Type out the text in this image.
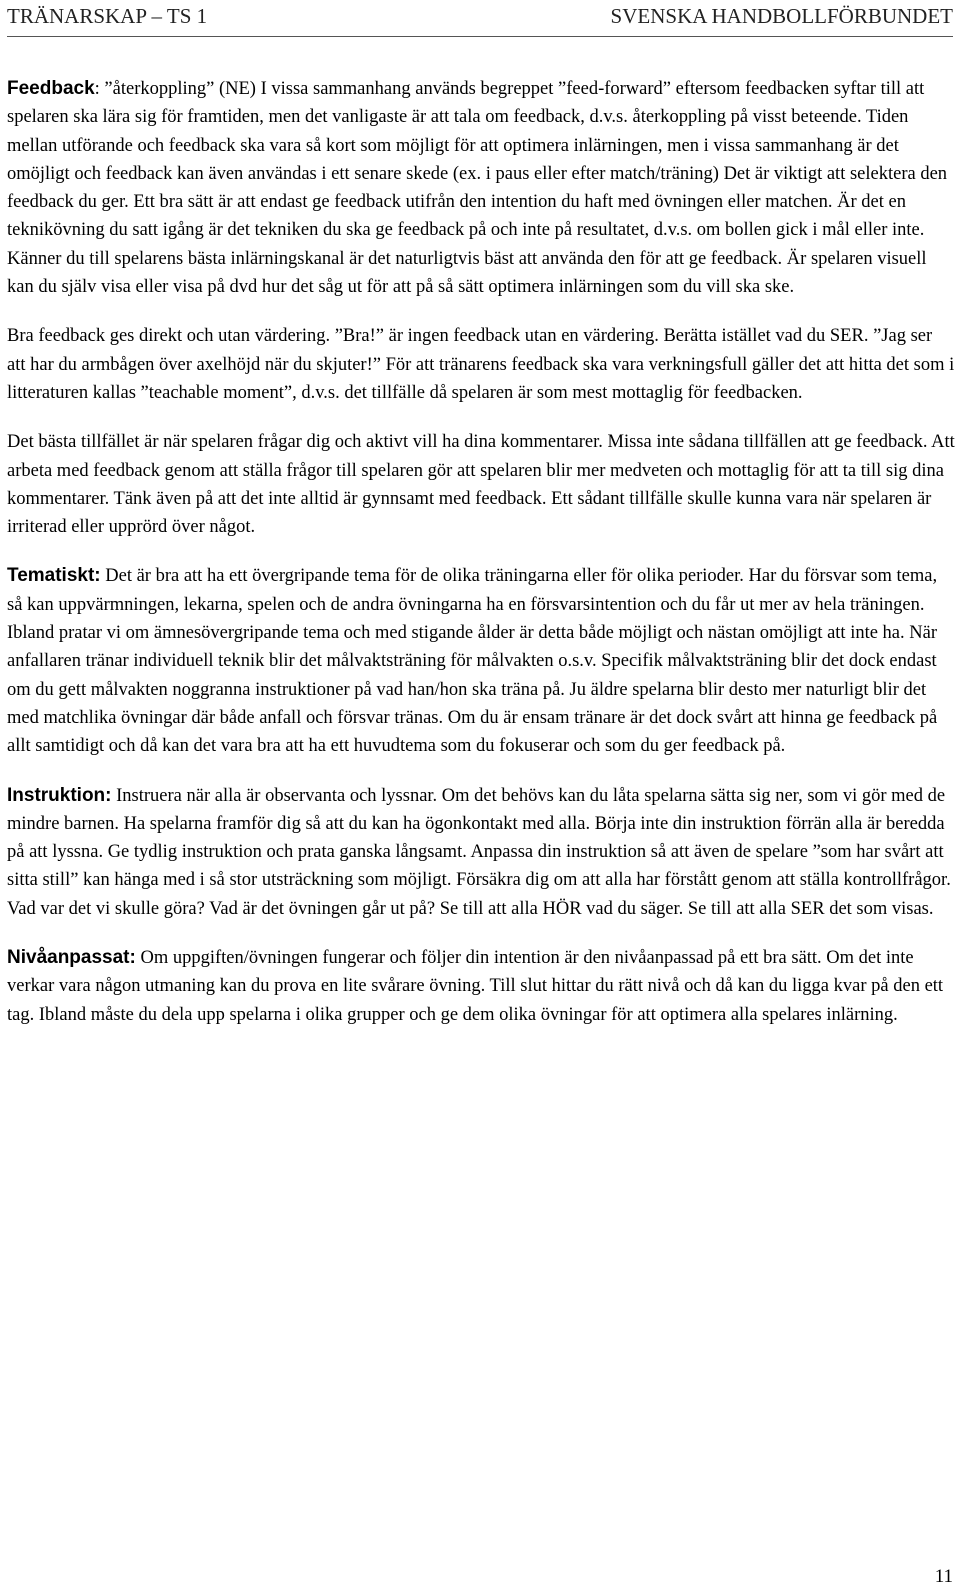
TRÄNARSKAP – TS 1	SVENSKA HANDBOLLFÖRBUNDET

Feedback: ”återkoppling” (NE) I vissa sammanhang används begreppet ”feed-forward” eftersom feedbacken syftar till att spelaren ska lära sig för framtiden, men det vanligaste är att tala om feedback, d.v.s. återkoppling på visst beteende. Tiden mellan utförande och feedback ska vara så kort som möjligt för att optimera inlärningen, men i vissa sammanhang är det omöjligt och feedback kan även användas i ett senare skede (ex. i paus eller efter match/träning) Det är viktigt att selektera den feedback du ger. Ett bra sätt är att endast ge feedback utifrån den intention du haft med övningen eller matchen. Är det en teknikövning du satt igång är det tekniken du ska ge feedback på och inte på resultatet, d.v.s. om bollen gick i mål eller inte. Känner du till spelarens bästa inlärningskanal är det naturligtvis bäst att använda den för att ge feedback. Är spelaren visuell kan du själv visa eller visa på dvd hur det såg ut för att på så sätt optimera inlärningen som du vill ska ske.

Bra feedback ges direkt och utan värdering. ”Bra!” är ingen feedback utan en värdering. Berätta istället vad du SER. ”Jag ser att har du armbågen över axelhöjd när du skjuter!” För att tränarens feedback ska vara verkningsfull gäller det att hitta det som i litteraturen kallas ”teachable moment”, d.v.s. det tillfälle då spelaren är som mest mottaglig för feedbacken.

Det bästa tillfället är när spelaren frågar dig och aktivt vill ha dina kommentarer. Missa inte sådana tillfällen att ge feedback. Att arbeta med feedback genom att ställa frågor till spelaren gör att spelaren blir mer medveten och mottaglig för att ta till sig dina kommentarer. Tänk även på att det inte alltid är gynnsamt med feedback. Ett sådant tillfälle skulle kunna vara när spelaren är irriterad eller upprörd över något.

Tematiskt: Det är bra att ha ett övergripande tema för de olika träningarna eller för olika perioder. Har du försvar som tema, så kan uppvärmningen, lekarna, spelen och de andra övningarna ha en försvarsintention och du får ut mer av hela träningen. Ibland pratar vi om ämnesövergripande tema och med stigande ålder är detta både möjligt och nästan omöjligt att inte ha. När anfallaren tränar individuell teknik blir det målvaktsträning för målvakten o.s.v. Specifik målvaktsträning blir det dock endast om du gett målvakten noggranna instruktioner på vad han/hon ska träna på. Ju äldre spelarna blir desto mer naturligt blir det med matchlika övningar där både anfall och försvar tränas. Om du är ensam tränare är det dock svårt att hinna ge feedback på allt samtidigt och då kan det vara bra att ha ett huvudtema som du fokuserar och som du ger feedback på.

Instruktion: Instruera när alla är observanta och lyssnar. Om det behövs kan du låta spelarna sätta sig ner, som vi gör med de mindre barnen. Ha spelarna framför dig så att du kan ha ögonkontakt med alla. Börja inte din instruktion förrän alla är beredda på att lyssna. Ge tydlig instruktion och prata ganska långsamt. Anpassa din instruktion så att även de spelare ”som har svårt att sitta still” kan hänga med i så stor utsträckning som möjligt. Försäkra dig om att alla har förstått genom att ställa kontrollfrågor. Vad var det vi skulle göra? Vad är det övningen går ut på? Se till att alla HÖR vad du säger. Se till att alla SER det som visas.

Nivåanpassat: Om uppgiften/övningen fungerar och följer din intention är den nivåanpassad på ett bra sätt. Om det inte verkar vara någon utmaning kan du prova en lite svårare övning. Till slut hittar du rätt nivå och då kan du ligga kvar på den ett tag. Ibland måste du dela upp spelarna i olika grupper och ge dem olika övningar för att optimera alla spelares inlärning.

11
